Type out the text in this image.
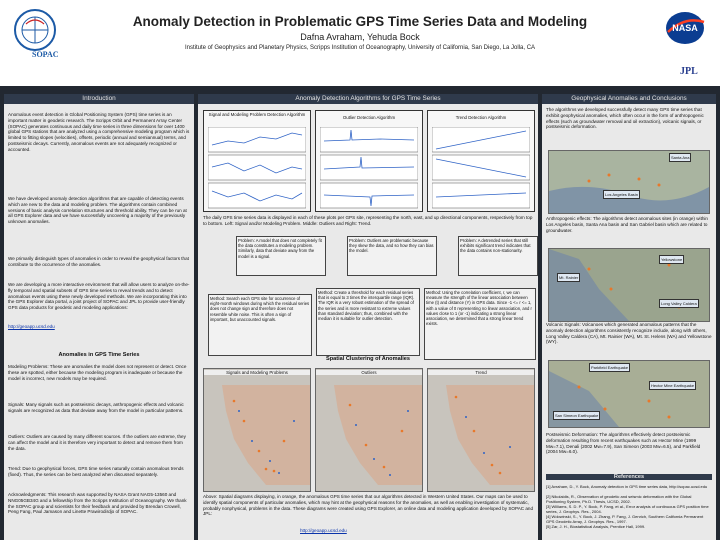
SOPAC
Anomaly Detection in Problematic GPS Time Series Data and Modeling
Dafna Avraham, Yehuda Bock
Institute of Geophysics and Planetary Physics, Scripps Institution of Oceanography, University of California, San Diego, La Jolla, CA
NASA
JPL
Introduction
Anomalous event detection in Global Positioning System (GPS) time series is an important matter in geodetic research. The Scripps Orbit and Permanent Array Center (SOPAC) generates continuous and daily time series in three dimensions for over 1400 global GPS stations that are analyzed using a comprehensive modeling program which is limited to fitting slopes (velocities), offsets, periodic (annual and semiannual) terms, and postseismic decays. Currently, anomalous events are not adequately recognized or accounted.
We have developed anomaly detection algorithms that are capable of detecting events which are new to the data and modeling problem. The algorithms contain combined versions of basic analysis correlation structures and threshold ability. They can be run at all GPS Explorer data and we have successfully uncovering a majority of the previously unknown anomalies.
We primarily distinguish types of anomalies in order to reveal the geophysical factors that contribute to the occurrence of the anomalies.
We are developing a more interactive environment that will allow users to analyze on-the-fly temporal and spatial subsets of GPS time series to reveal trends and to detect anomalous events using these newly developed methods. We are incorporating this into the GPS Explorer data portal, a joint project of SOPAC and JPL to provide user-friendly GPS data products for geodetic and modeling applications:
http://geoapp.ucsd.edu
Anomalies in GPS Time Series
Modeling Problems: These are anomalies the model does not represent or detect. Once these are spotted, either because the modeling program is inadequate or because the model is incorrect, new models may be required.
Signals: Many signals such as postseismic decays, anthropogenic effects and volcanic signals are recognized as data that deviate away from the model in particular patterns.
Outliers: Outliers are caused by many different sources. If the outliers are extreme, they can affect the model and it is therefore very important to detect and remove them from the data.
Trend: Due to geophysical forces, GPS time series naturally contain anomalous trends (fixed). Thus, the series can be best analyzed when discussed separately.
Acknowledgments: This research was supported by NASA Grant NAG5-13560 and NNG05GB34G and a fellowship from the Scripps Institution of Oceanography. We thank the SOPAC group and scientists for their feedback and provided by Brendan Crowell, Peng Fang, Paul Jamason and Linette Prawirodirdjo of SOPAC.
Anomaly Detection Algorithms for GPS Time Series
Signal and Modeling Problem Detection Algorithm
Outlier Detection Algorithm	Trend Detection Algorithm
The daily GPS time series data is displayed in each of these plots per GPS site, representing the north, east, and up directional components, respectively from top to bottom. Left: Signal and/or Modeling Problem. Middle: Outliers and Right: Trend.
Problem: A model that does not completely fit the data constitutes a modeling problem. Similarly, data that deviate away from the model is a signal.
Problem: Outliers are problematic because they skew the data, and so how they can bias the model.
Problem: A detrended series that still exhibits significant trend indicates that the data contains non-stationarity.
Method: Search each GPS site for occurrence of eight-month windows during which the residual series does not change sign and therefore does not resemble white noise. This is often a sign of important, but unaccounted signals.
Method: Create a threshold for each residual series that is equal to 3 times the interquartile range (IQR). The IQR is a very robust estimation of the spread of the series and is more resistant to extreme values than standard deviation; thus, combined with the median it is suitable for outlier detection.
Method: Using the correlation coefficient, r, we can measure the strength of the linear association between time (t) and distance (Y) in GPS data. Since -1 <= r <= 1, with a value of 0 representing no linear association, and r values close to 1 (or -1) indicating a strong linear association, we determined that a strong linear trend exists.
Spatial Clustering of Anomalies
Signals and Modeling Problems	Outliers	Trend
Above: Spatial diagrams displaying, in orange, the anomalous GPS time series that our algorithms detected in Western United States. Our maps can be used to identify spatial components of particular anomalies, which may hint at the geophysical reasons for the anomalies, as well as enabling investigation of systematic, probably nonphysical, problems in the data. These diagrams were created using GPS Explorer, an online data and modeling application developed by SOPAC and JPL:
http://geoapp.ucsd.edu
Geophysical Anomalies and Conclusions
The algorithms we developed successfully detect many GPS time series that exhibit geophysical anomalies, which often occur in the form of anthropogenic effects (such as groundwater removal and oil extraction), volcanic signals, or postseismic deformation.
Los Angeles Basin
Santa Ana
Anthropogenic effects: The algorithms detect anomalous sites (in orange) within Los Angeles basin, Santa Ana basin and San Gabriel basin which are related to groundwater.
Yellowstone
Long Valley Caldera
Mt. Rainier
Volcanic Signals: Volcanoes which generated anomalous patterns that the anomaly detection algorithms consistently recognize include, along with others, Long Valley Caldera (CA), Mt. Rainier (WA), Mt. St. Helens (WA) and Yellowstone (WY).
Parkfield Earthquake
Hector Mine Earthquake
San Simeon Earthquake
Postseismic Deformation: The algorithms effectively detect postseismic deformation resulting from recent earthquakes such as Hector Mine (1999 Mw=7.1), Denali (2002 Mw=7.9), San Simeon (2003 Mw=6.5), and Parkfield (2004 Mw=6.0).
References
[1] Avraham, D., Y. Bock, Anomaly detection in GPS time series data, http://sopac.ucsd.edu
[2] Nikolaidis, R., Observation of geodetic and seismic deformation with the Global Positioning System, Ph.D. Thesis, UCSD, 2002.
[3] Williams, S. D. P., Y. Bock, P. Fang, et al., Error analysis of continuous GPS position time series, J. Geophys. Res., 2004.
[4] Wdowinski, S., Y. Bock, J. Zhang, P. Fang, J. Genrich, Southern California Permanent GPS Geodetic Array, J. Geophys. Res., 1997.
[5] Zar, J. H., Biostatistical Analysis, Prentice Hall, 1999.
